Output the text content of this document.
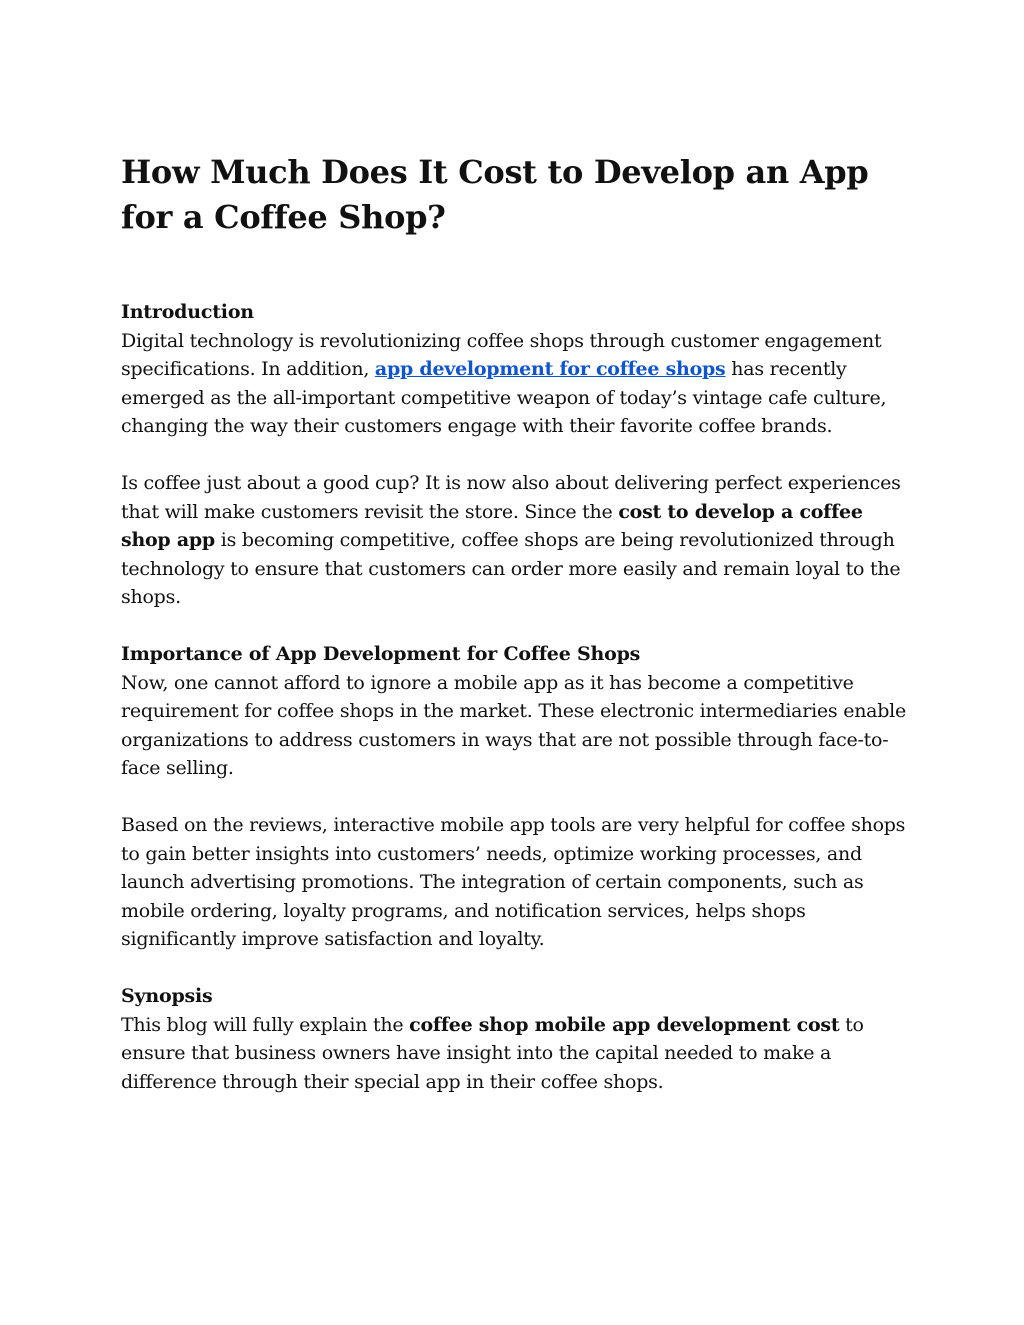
How Much Does It Cost to Develop an App for a Coffee Shop?
Introduction

Digital technology is revolutionizing coffee shops through customer engagement specifications. In addition, app development for coffee shops has recently emerged as the all-important competitive weapon of today’s vintage cafe culture, changing the way their customers engage with their favorite coffee brands.

Is coffee just about a good cup? It is now also about delivering perfect experiences that will make customers revisit the store. Since the cost to develop a coffee shop app is becoming competitive, coffee shops are being revolutionized through technology to ensure that customers can order more easily and remain loyal to the shops.

Importance of App Development for Coffee Shops

Now, one cannot afford to ignore a mobile app as it has become a competitive requirement for coffee shops in the market. These electronic intermediaries enable organizations to address customers in ways that are not possible through face-to-face selling.

Based on the reviews, interactive mobile app tools are very helpful for coffee shops to gain better insights into customers’ needs, optimize working processes, and launch advertising promotions. The integration of certain components, such as mobile ordering, loyalty programs, and notification services, helps shops significantly improve satisfaction and loyalty.

Synopsis

This blog will fully explain the coffee shop mobile app development cost to ensure that business owners have insight into the capital needed to make a difference through their special app in their coffee shops.
